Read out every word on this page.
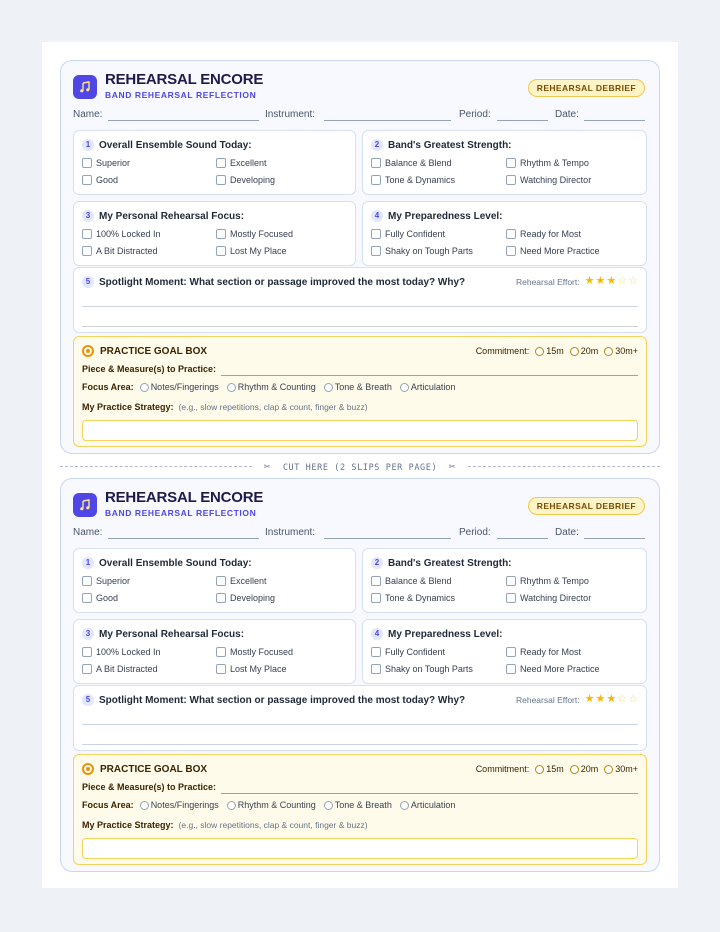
REHEARSAL ENCORE
BAND REHEARSAL REFLECTION
REHEARSAL DEBRIEF
Name:	Instrument:	Period:	Date:
1 Overall Ensemble Sound Today:
Superior	Excellent
Good	Developing
2 Band's Greatest Strength:
Balance & Blend	Rhythm & Tempo
Tone & Dynamics	Watching Director
3 My Personal Rehearsal Focus:
100% Locked In	Mostly Focused
A Bit Distracted	Lost My Place
4 My Preparedness Level:
Fully Confident	Ready for Most
Shaky on Tough Parts	Need More Practice
5 Spotlight Moment: What section or passage improved the most today? Why?	Rehearsal Effort: ★ ★ ★ ☆ ☆
PRACTICE GOAL BOX	Commitment: 15m 20m 30m+
Piece & Measure(s) to Practice:
Focus Area: Notes/Fingerings Rhythm & Counting Tone & Breath Articulation
My Practice Strategy: (e.g., slow repetitions, clap & count, finger & buzz)
✂ CUT HERE (2 SLIPS PER PAGE) ✂
REHEARSAL ENCORE
BAND REHEARSAL REFLECTION
REHEARSAL DEBRIEF
Name:	Instrument:	Period:	Date:
1 Overall Ensemble Sound Today:
Superior	Excellent
Good	Developing
2 Band's Greatest Strength:
Balance & Blend	Rhythm & Tempo
Tone & Dynamics	Watching Director
3 My Personal Rehearsal Focus:
100% Locked In	Mostly Focused
A Bit Distracted	Lost My Place
4 My Preparedness Level:
Fully Confident	Ready for Most
Shaky on Tough Parts	Need More Practice
5 Spotlight Moment: What section or passage improved the most today? Why?	Rehearsal Effort: ★ ★ ★ ☆ ☆
PRACTICE GOAL BOX	Commitment: 15m 20m 30m+
Piece & Measure(s) to Practice:
Focus Area: Notes/Fingerings Rhythm & Counting Tone & Breath Articulation
My Practice Strategy: (e.g., slow repetitions, clap & count, finger & buzz)
